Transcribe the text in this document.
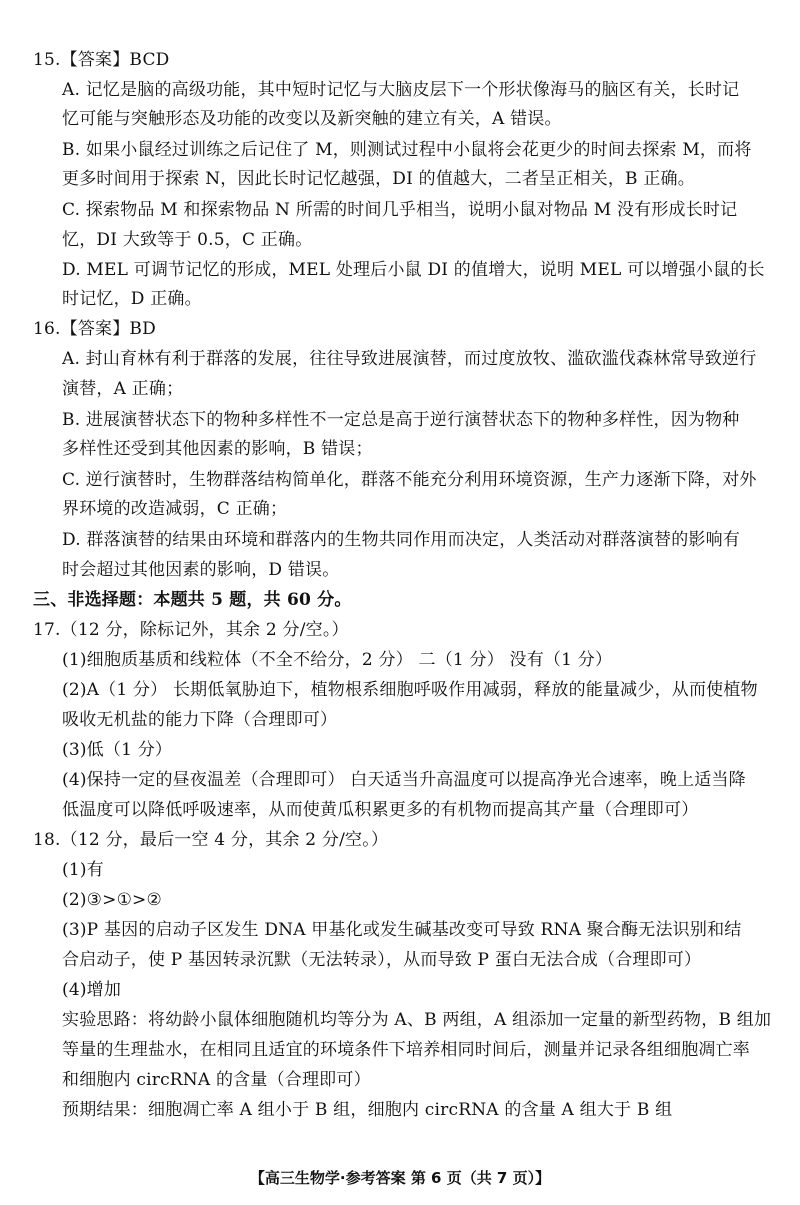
15.【答案】BCD
A. 记忆是脑的高级功能，其中短时记忆与大脑皮层下一个形状像海马的脑区有关，长时记
忆可能与突触形态及功能的改变以及新突触的建立有关，A 错误。
B. 如果小鼠经过训练之后记住了 M，则测试过程中小鼠将会花更少的时间去探索 M，而将
更多时间用于探索 N，因此长时记忆越强，DI 的值越大，二者呈正相关，B 正确。
C. 探索物品 M 和探索物品 N 所需的时间几乎相当，说明小鼠对物品 M 没有形成长时记
忆，DI 大致等于 0.5，C 正确。
D. MEL 可调节记忆的形成，MEL 处理后小鼠 DI 的值增大，说明 MEL 可以增强小鼠的长
时记忆，D 正确。
16.【答案】BD
A. 封山育林有利于群落的发展，往往导致进展演替，而过度放牧、滥砍滥伐森林常导致逆行
演替，A 正确；
B. 进展演替状态下的物种多样性不一定总是高于逆行演替状态下的物种多样性，因为物种
多样性还受到其他因素的影响，B 错误；
C. 逆行演替时，生物群落结构简单化，群落不能充分利用环境资源，生产力逐渐下降，对外
界环境的改造减弱，C 正确；
D. 群落演替的结果由环境和群落内的生物共同作用而决定，人类活动对群落演替的影响有
时会超过其他因素的影响，D 错误。
三、非选择题：本题共 5 题，共 60 分。
17.（12 分，除标记外，其余 2 分/空。）
(1)细胞质基质和线粒体（不全不给分，2 分） 二（1 分） 没有（1 分）
(2)A（1 分） 长期低氧胁迫下，植物根系细胞呼吸作用减弱，释放的能量减少，从而使植物
吸收无机盐的能力下降（合理即可）
(3)低（1 分）
(4)保持一定的昼夜温差（合理即可） 白天适当升高温度可以提高净光合速率，晚上适当降
低温度可以降低呼吸速率，从而使黄瓜积累更多的有机物而提高其产量（合理即可）
18.（12 分，最后一空 4 分，其余 2 分/空。）
(1)有
(2)③>①>②
(3)P 基因的启动子区发生 DNA 甲基化或发生碱基改变可导致 RNA 聚合酶无法识别和结
合启动子，使 P 基因转录沉默（无法转录），从而导致 P 蛋白无法合成（合理即可）
(4)增加
实验思路：将幼龄小鼠体细胞随机均等分为 A、B 两组，A 组添加一定量的新型药物，B 组加
等量的生理盐水，在相同且适宜的环境条件下培养相同时间后，测量并记录各组细胞凋亡率
和细胞内 circRNA 的含量（合理即可）
预期结果：细胞凋亡率 A 组小于 B 组，细胞内 circRNA 的含量 A 组大于 B 组
【高三生物学·参考答案 第 6 页（共 7 页）】
